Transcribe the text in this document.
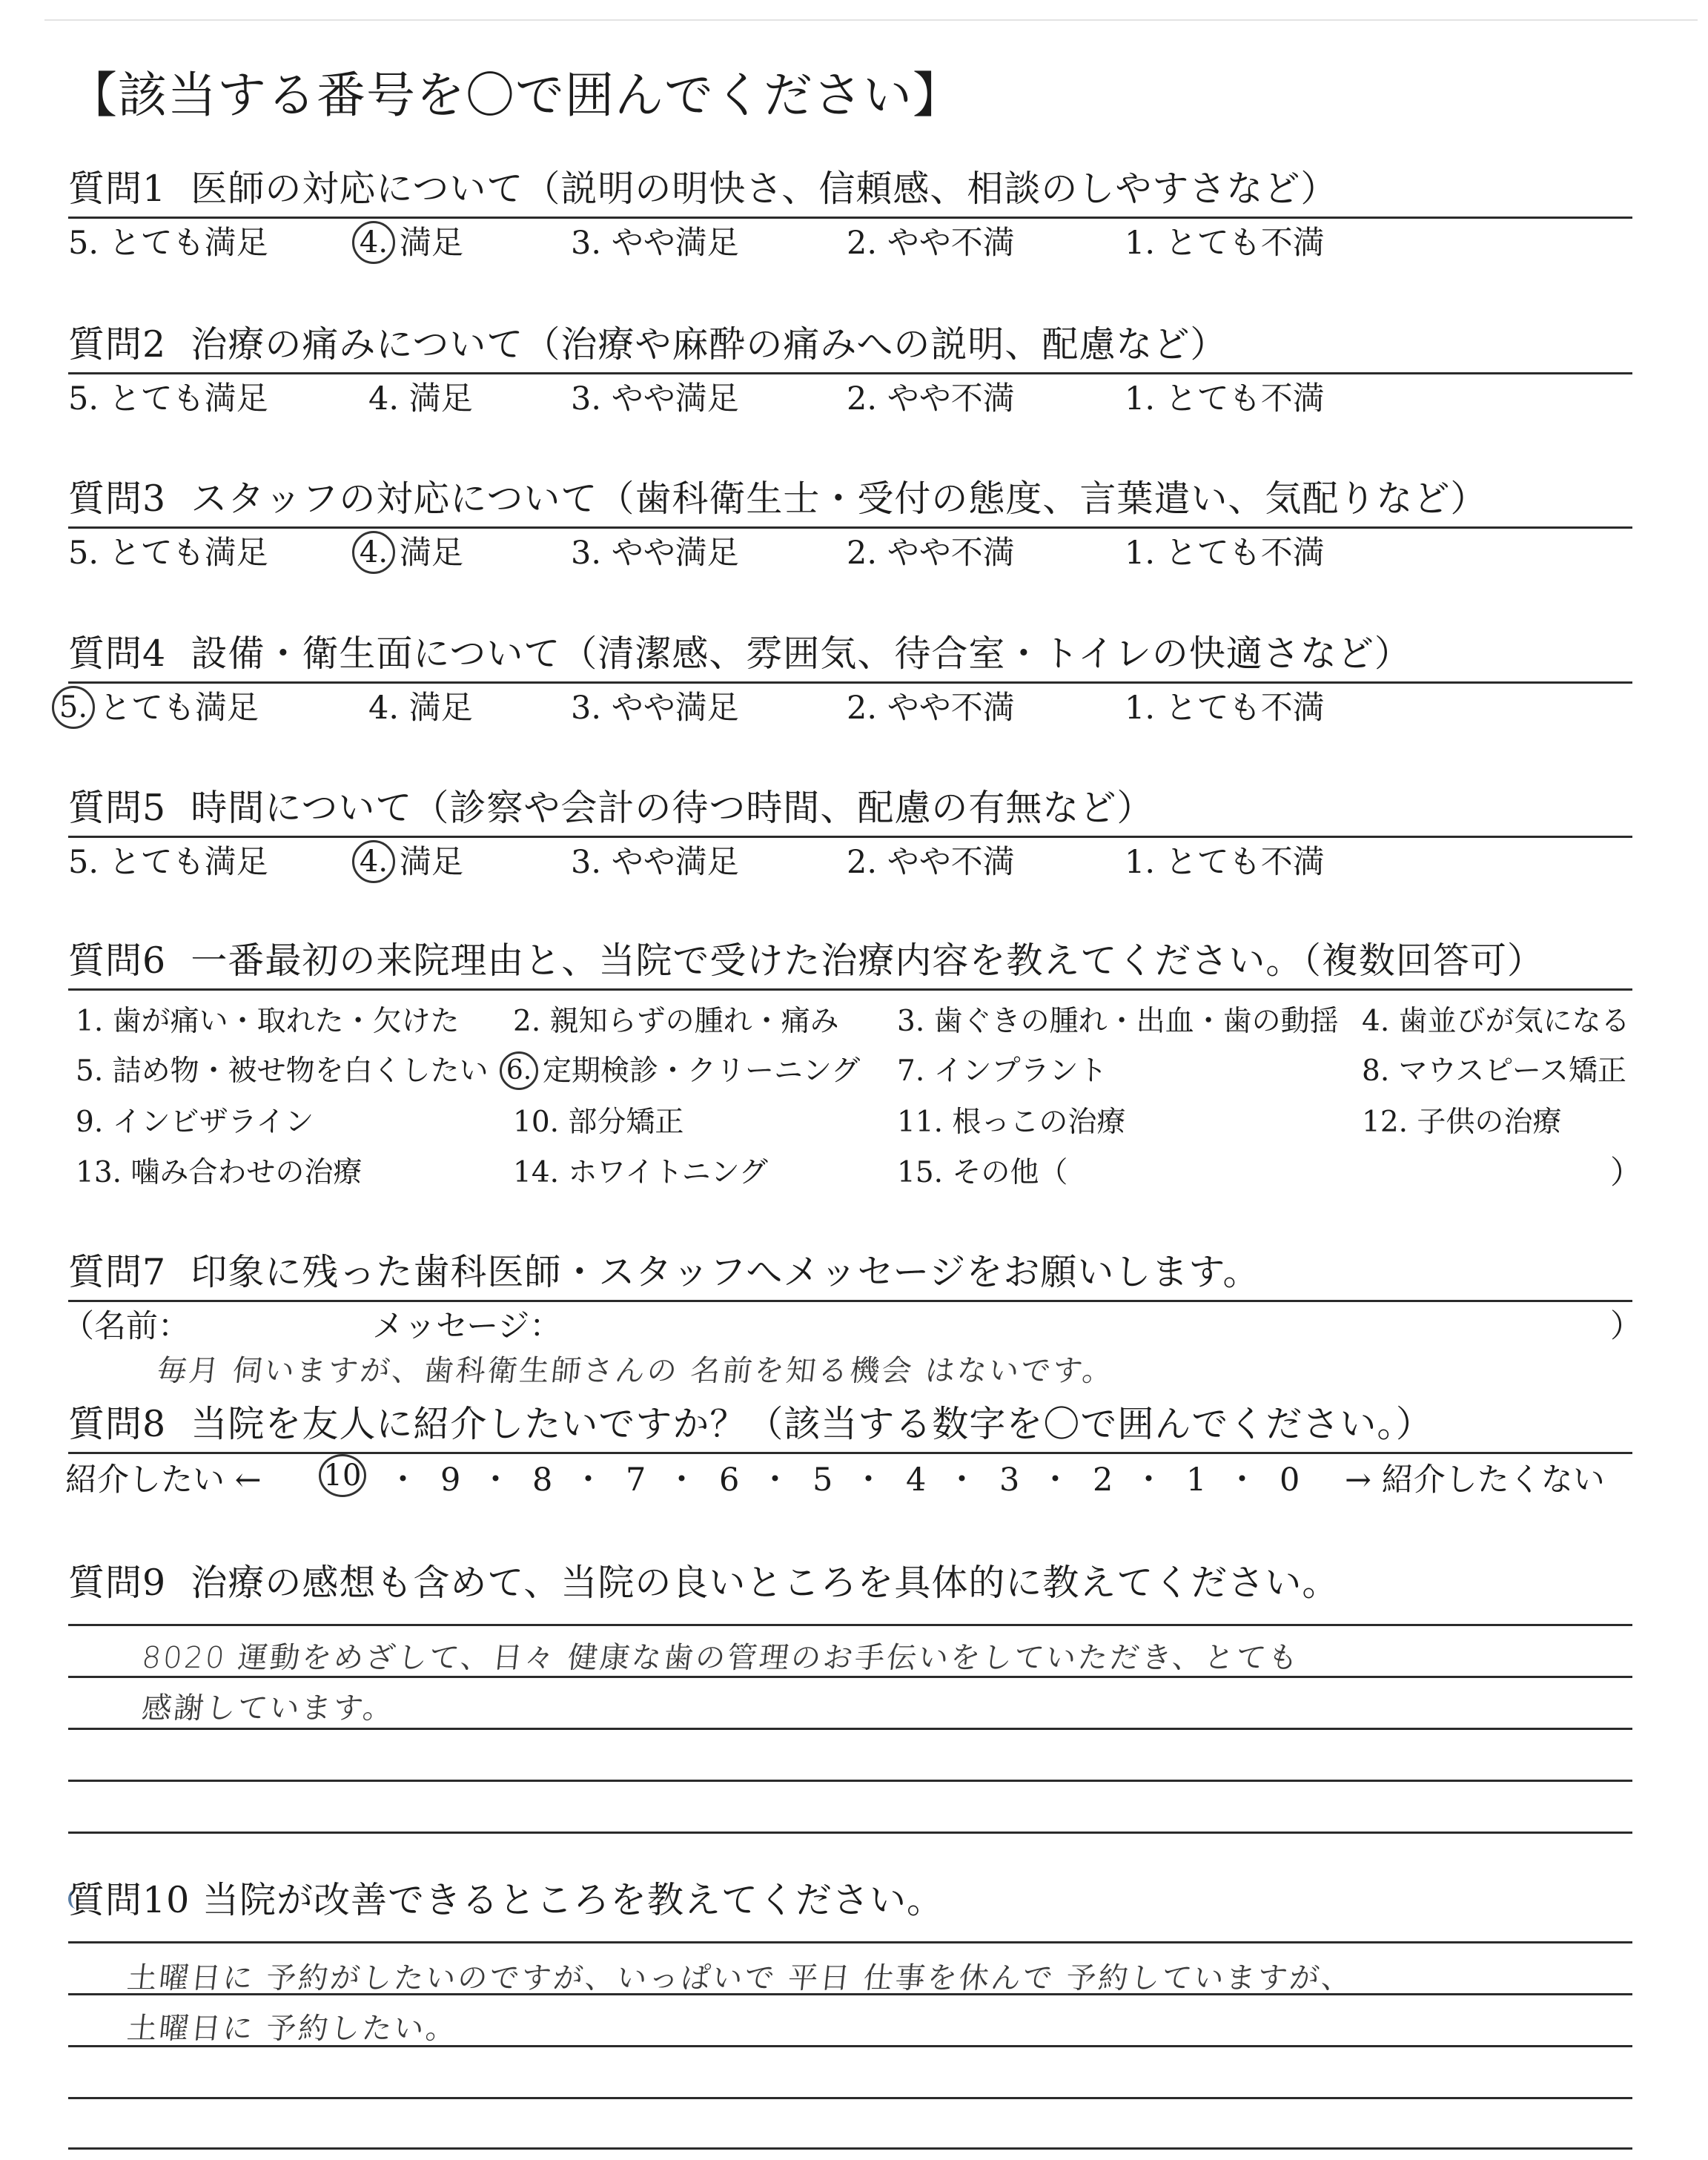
【該当する番号を〇で囲んでください】
質問1 医師の対応について（説明の明快さ、信頼感、相談のしやすさなど）
5. とても満足	4. 満足	3. やや満足	2. やや不満	1. とても不満
質問2 治療の痛みについて（治療や麻酔の痛みへの説明、配慮など）
5. とても満足	4. 満足	3. やや満足	2. やや不満	1. とても不満
質問3 スタッフの対応について（歯科衛生士・受付の態度、言葉遣い、気配りなど）
5. とても満足	4. 満足	3. やや満足	2. やや不満	1. とても不満
質問4 設備・衛生面について（清潔感、雰囲気、待合室・トイレの快適さなど）
5. とても満足	4. 満足	3. やや満足	2. やや不満	1. とても不満
質問5 時間について（診察や会計の待つ時間、配慮の有無など）
5. とても満足	4. 満足	3. やや満足	2. やや不満	1. とても不満
質問6 一番最初の来院理由と、当院で受けた治療内容を教えてください。（複数回答可）
1. 歯が痛い・取れた・欠けた 2. 親知らずの腫れ・痛み 3. 歯ぐきの腫れ・出血・歯の動揺 4. 歯並びが気になる
5. 詰め物・被せ物を白くしたい 6. 定期検診・クリーニング 7. インプラント	8. マウスピース矯正
9. インビザライン	10. 部分矯正	11. 根っこの治療	12. 子供の治療
13. 噛み合わせの治療	14. ホワイトニング	15. その他（	）
質問7 印象に残った歯科医師・スタッフへメッセージをお願いします。
（名前：	メッセージ：	）
毎月 伺いますが、歯科衛生師さんの 名前を知る機会 はないです。
質問8 当院を友人に紹介したいですか？（該当する数字を〇で囲んでください。）
紹介したい ← 10 ・ 9 ・ 8 ・ 7 ・ 6 ・ 5 ・ 4 ・ 3 ・ 2 ・ 1 ・ 0 → 紹介したくない
質問9 治療の感想も含めて、当院の良いところを具体的に教えてください。
8020 運動をめざして、日々 健康な歯の管理のお手伝いをしていただき、とても
感謝しています。
質問10 当院が改善できるところを教えてください。
土曜日に 予約がしたいのですが、いっぱいで 平日 仕事を休んで 予約していますが、
土曜日に 予約したい。
